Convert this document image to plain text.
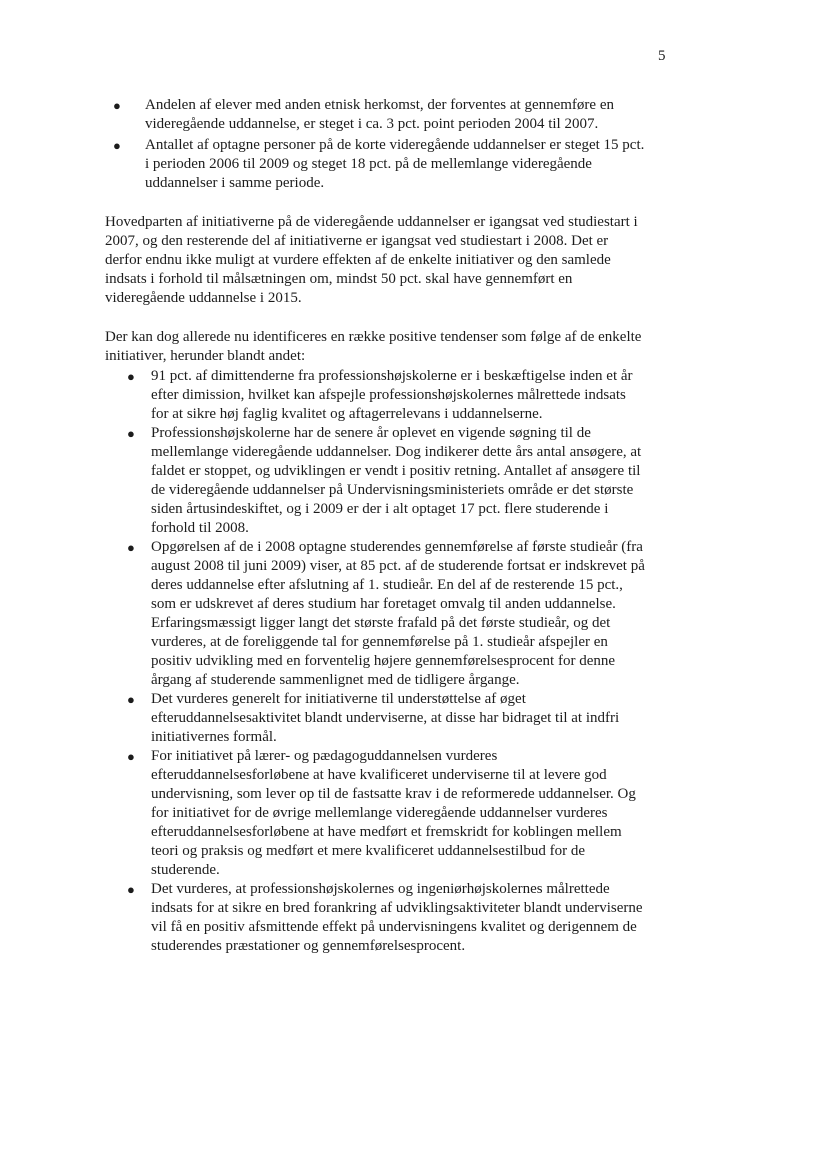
5
● Andelen af elever med anden etnisk herkomst, der forventes at gennemføre en videregående uddannelse, er steget i ca. 3 pct. point perioden 2004 til 2007.
● Antallet af optagne personer på de korte videregående uddannelser er steget 15 pct. i perioden 2006 til 2009 og steget 18 pct. på de mellemlange videregående uddannelser i samme periode.

Hovedparten af initiativerne på de videregående uddannelser er igangsat ved studiestart i 2007, og den resterende del af initiativerne er igangsat ved studiestart i 2008. Det er derfor endnu ikke muligt at vurdere effekten af de enkelte initiativer og den samlede indsats i forhold til målsætningen om, mindst 50 pct. skal have gennemført en videregående uddannelse i 2015.

Der kan dog allerede nu identificeres en række positive tendenser som følge af de enkelte initiativer, herunder blandt andet:

● 91 pct. af dimittenderne fra professionshøjskolerne er i beskæftigelse inden et år efter dimission, hvilket kan afspejle professionshøjskolernes målrettede indsats for at sikre høj faglig kvalitet og aftagerrelevans i uddannelserne.
● Professionshøjskolerne har de senere år oplevet en vigende søgning til de mellemlange videregående uddannelser. Dog indikerer dette års antal ansøgere, at faldet er stoppet, og udviklingen er vendt i positiv retning. Antallet af ansøgere til de videregående uddannelser på Undervisningsministeriets område er det største siden årtusindeskiftet, og i 2009 er der i alt optaget 17 pct. flere studerende i forhold til 2008.
● Opgørelsen af de i 2008 optagne studerendes gennemførelse af første studieår (fra august 2008 til juni 2009) viser, at 85 pct. af de studerende fortsat er indskrevet på deres uddannelse efter afslutning af 1. studieår. En del af de resterende 15 pct., som er udskrevet af deres studium har foretaget omvalg til anden uddannelse. Erfaringsmæssigt ligger langt det største frafald på det første studieår, og det vurderes, at de foreliggende tal for gennemførelse på 1. studieår afspejler en positiv udvikling med en forventelig højere gennemførelsesprocent for denne årgang af studerende sammenlignet med de tidligere årgange.
● Det vurderes generelt for initiativerne til understøttelse af øget efteruddannelsesaktivitet blandt underviserne, at disse har bidraget til at indfri initiativernes formål.
● For initiativet på lærer- og pædagoguddannelsen vurderes efteruddannelsesforløbene at have kvalificeret underviserne til at levere god undervisning, som lever op til de fastsatte krav i de reformerede uddannelser. Og for initiativet for de øvrige mellemlange videregående uddannelser vurderes efteruddannelsesforløbene at have medført et fremskridt for koblingen mellem teori og praksis og medført et mere kvalificeret uddannelsestilbud for de studerende.
● Det vurderes, at professionshøjskolernes og ingeniørhøjskolernes målrettede indsats for at sikre en bred forankring af udviklingsaktiviteter blandt underviserne vil få en positiv afsmittende effekt på undervisningens kvalitet og derigennem de studerendes præstationer og gennemførelsesprocent.
